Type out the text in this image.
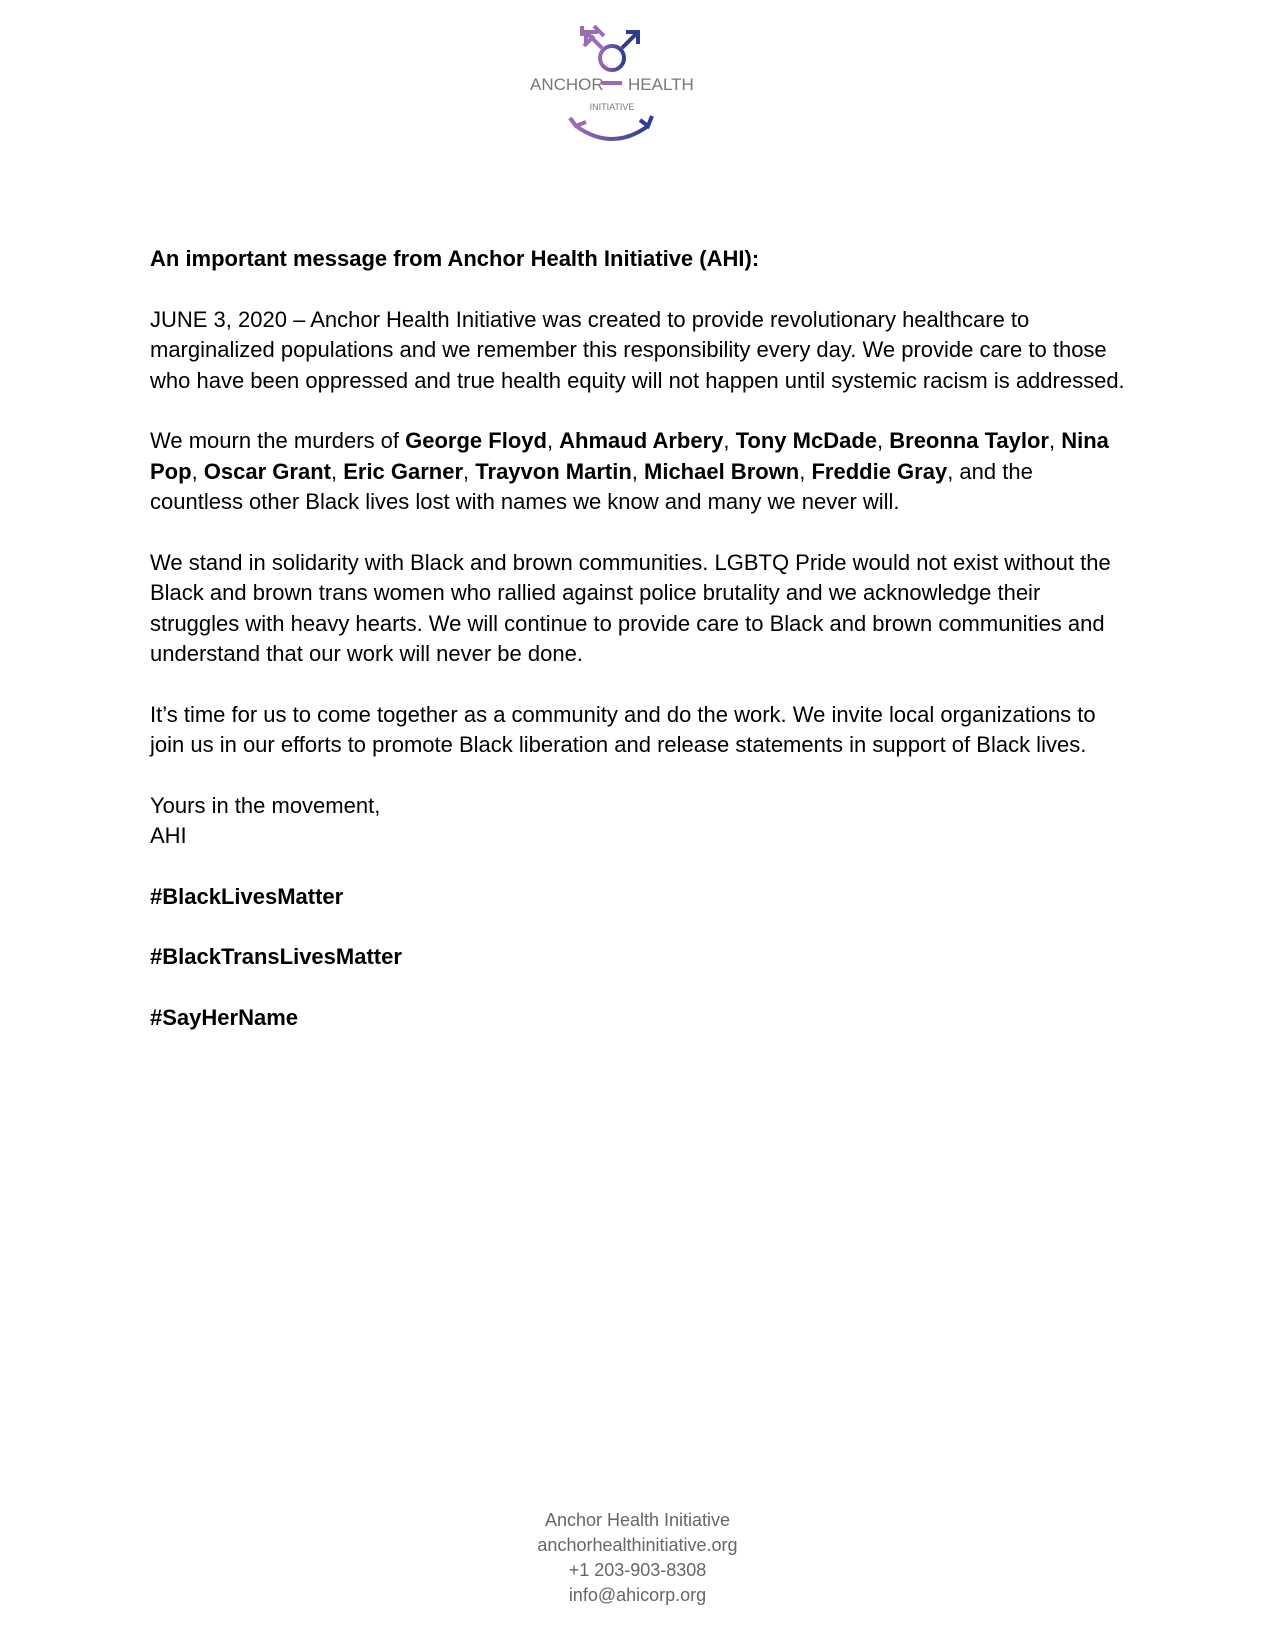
ANCHOR HEALTH
INITIATIVE

An important message from Anchor Health Initiative (AHI):

JUNE 3, 2020 – Anchor Health Initiative was created to provide revolutionary healthcare to marginalized populations and we remember this responsibility every day. We provide care to those who have been oppressed and true health equity will not happen until systemic racism is addressed.

We mourn the murders of George Floyd, Ahmaud Arbery, Tony McDade, Breonna Taylor, Nina Pop, Oscar Grant, Eric Garner, Trayvon Martin, Michael Brown, Freddie Gray, and the countless other Black lives lost with names we know and many we never will.

We stand in solidarity with Black and brown communities. LGBTQ Pride would not exist without the Black and brown trans women who rallied against police brutality and we acknowledge their struggles with heavy hearts. We will continue to provide care to Black and brown communities and understand that our work will never be done.

It’s time for us to come together as a community and do the work. We invite local organizations to join us in our efforts to promote Black liberation and release statements in support of Black lives.

Yours in the movement,
AHI

#BlackLivesMatter

#BlackTransLivesMatter

#SayHerName

Anchor Health Initiative
anchorhealthinitiative.org
+1 203-903-8308
info@ahicorp.org
